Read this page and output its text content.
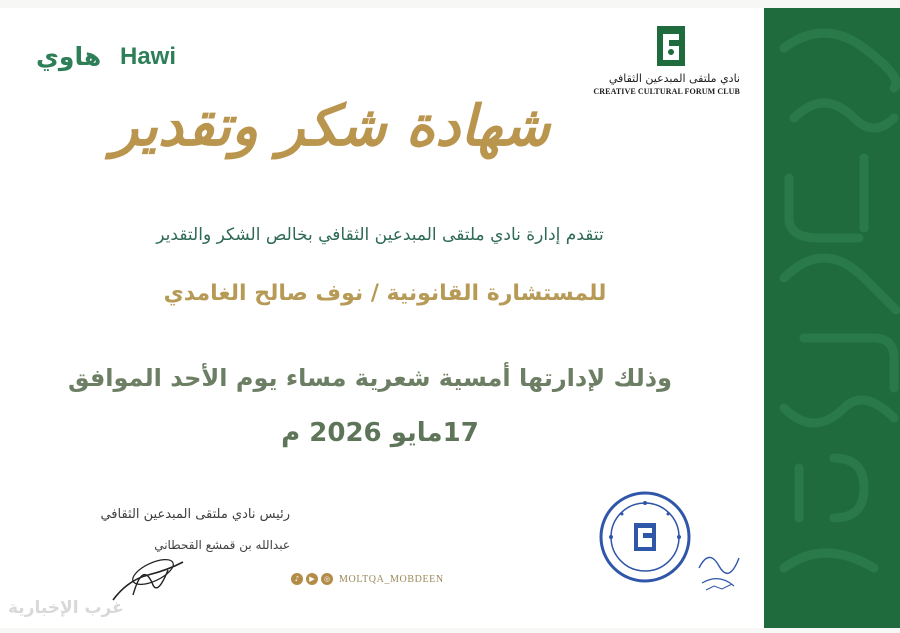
هاوي Hawi
نادي ملتقى المبدعين الثقافي
CREATIVE CULTURAL FORUM CLUB
شهادة شكر وتقدير
تتقدم إدارة نادي ملتقى المبدعين الثقافي بخالص الشكر والتقدير
للمستشارة القانونية / نوف صالح الغامدي
وذلك لإدارتها أمسية شعرية مساء يوم الأحد الموافق
17مايو 2026 م
رئيس نادي ملتقى المبدعين الثقافي
عبدالله بن قمشع القحطاني
♪	▶	◎ MOLTQA_MOBDEEN
غرب الإخبارية
